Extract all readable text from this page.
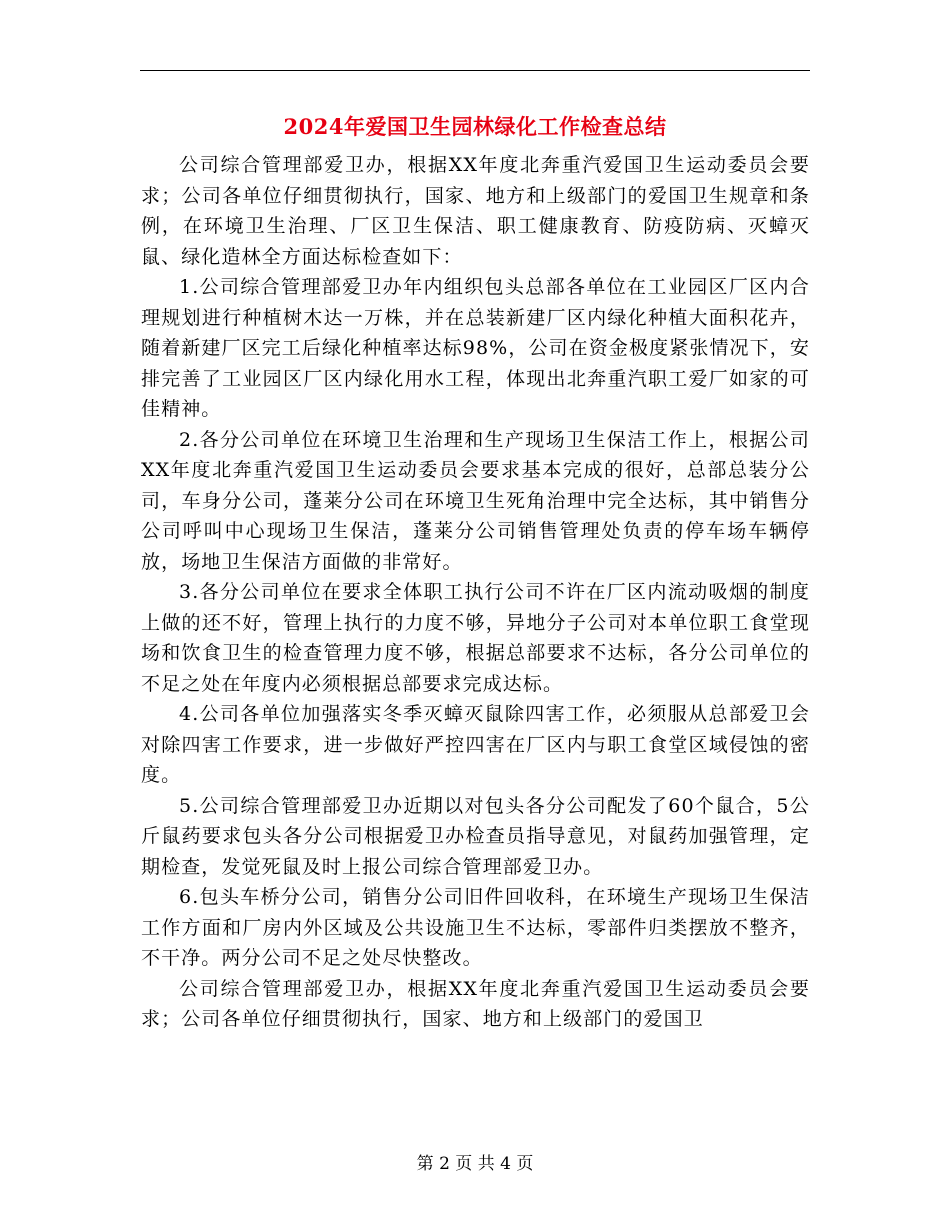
2024年爱国卫生园林绿化工作检查总结

公司综合管理部爱卫办，根据XX年度北奔重汽爱国卫生运动委员会要求；公司各单位仔细贯彻执行，国家、地方和上级部门的爱国卫生规章和条例，在环境卫生治理、厂区卫生保洁、职工健康教育、防疫防病、灭蟑灭鼠、绿化造林全方面达标检查如下：

1.公司综合管理部爱卫办年内组织包头总部各单位在工业园区厂区内合理规划进行种植树木达一万株，并在总装新建厂区内绿化种植大面积花卉，随着新建厂区完工后绿化种植率达标98%，公司在资金极度紧张情况下，安排完善了工业园区厂区内绿化用水工程，体现出北奔重汽职工爱厂如家的可佳精神。

2.各分公司单位在环境卫生治理和生产现场卫生保洁工作上，根据公司XX年度北奔重汽爱国卫生运动委员会要求基本完成的很好，总部总装分公司，车身分公司，蓬莱分公司在环境卫生死角治理中完全达标，其中销售分公司呼叫中心现场卫生保洁，蓬莱分公司销售管理处负责的停车场车辆停放，场地卫生保洁方面做的非常好。

3.各分公司单位在要求全体职工执行公司不许在厂区内流动吸烟的制度上做的还不好，管理上执行的力度不够，异地分子公司对本单位职工食堂现场和饮食卫生的检查管理力度不够，根据总部要求不达标，各分公司单位的不足之处在年度内必须根据总部要求完成达标。

4.公司各单位加强落实冬季灭蟑灭鼠除四害工作，必须服从总部爱卫会对除四害工作要求，进一步做好严控四害在厂区内与职工食堂区域侵蚀的密度。

5.公司综合管理部爱卫办近期以对包头各分公司配发了60个鼠合，5公斤鼠药要求包头各分公司根据爱卫办检查员指导意见，对鼠药加强管理，定期检查，发觉死鼠及时上报公司综合管理部爱卫办。

6.包头车桥分公司，销售分公司旧件回收科，在环境生产现场卫生保洁工作方面和厂房内外区域及公共设施卫生不达标，零部件归类摆放不整齐，不干净。两分公司不足之处尽快整改。

公司综合管理部爱卫办，根据XX年度北奔重汽爱国卫生运动委员会要求；公司各单位仔细贯彻执行，国家、地方和上级部门的爱国卫

第 2 页 共 4 页
